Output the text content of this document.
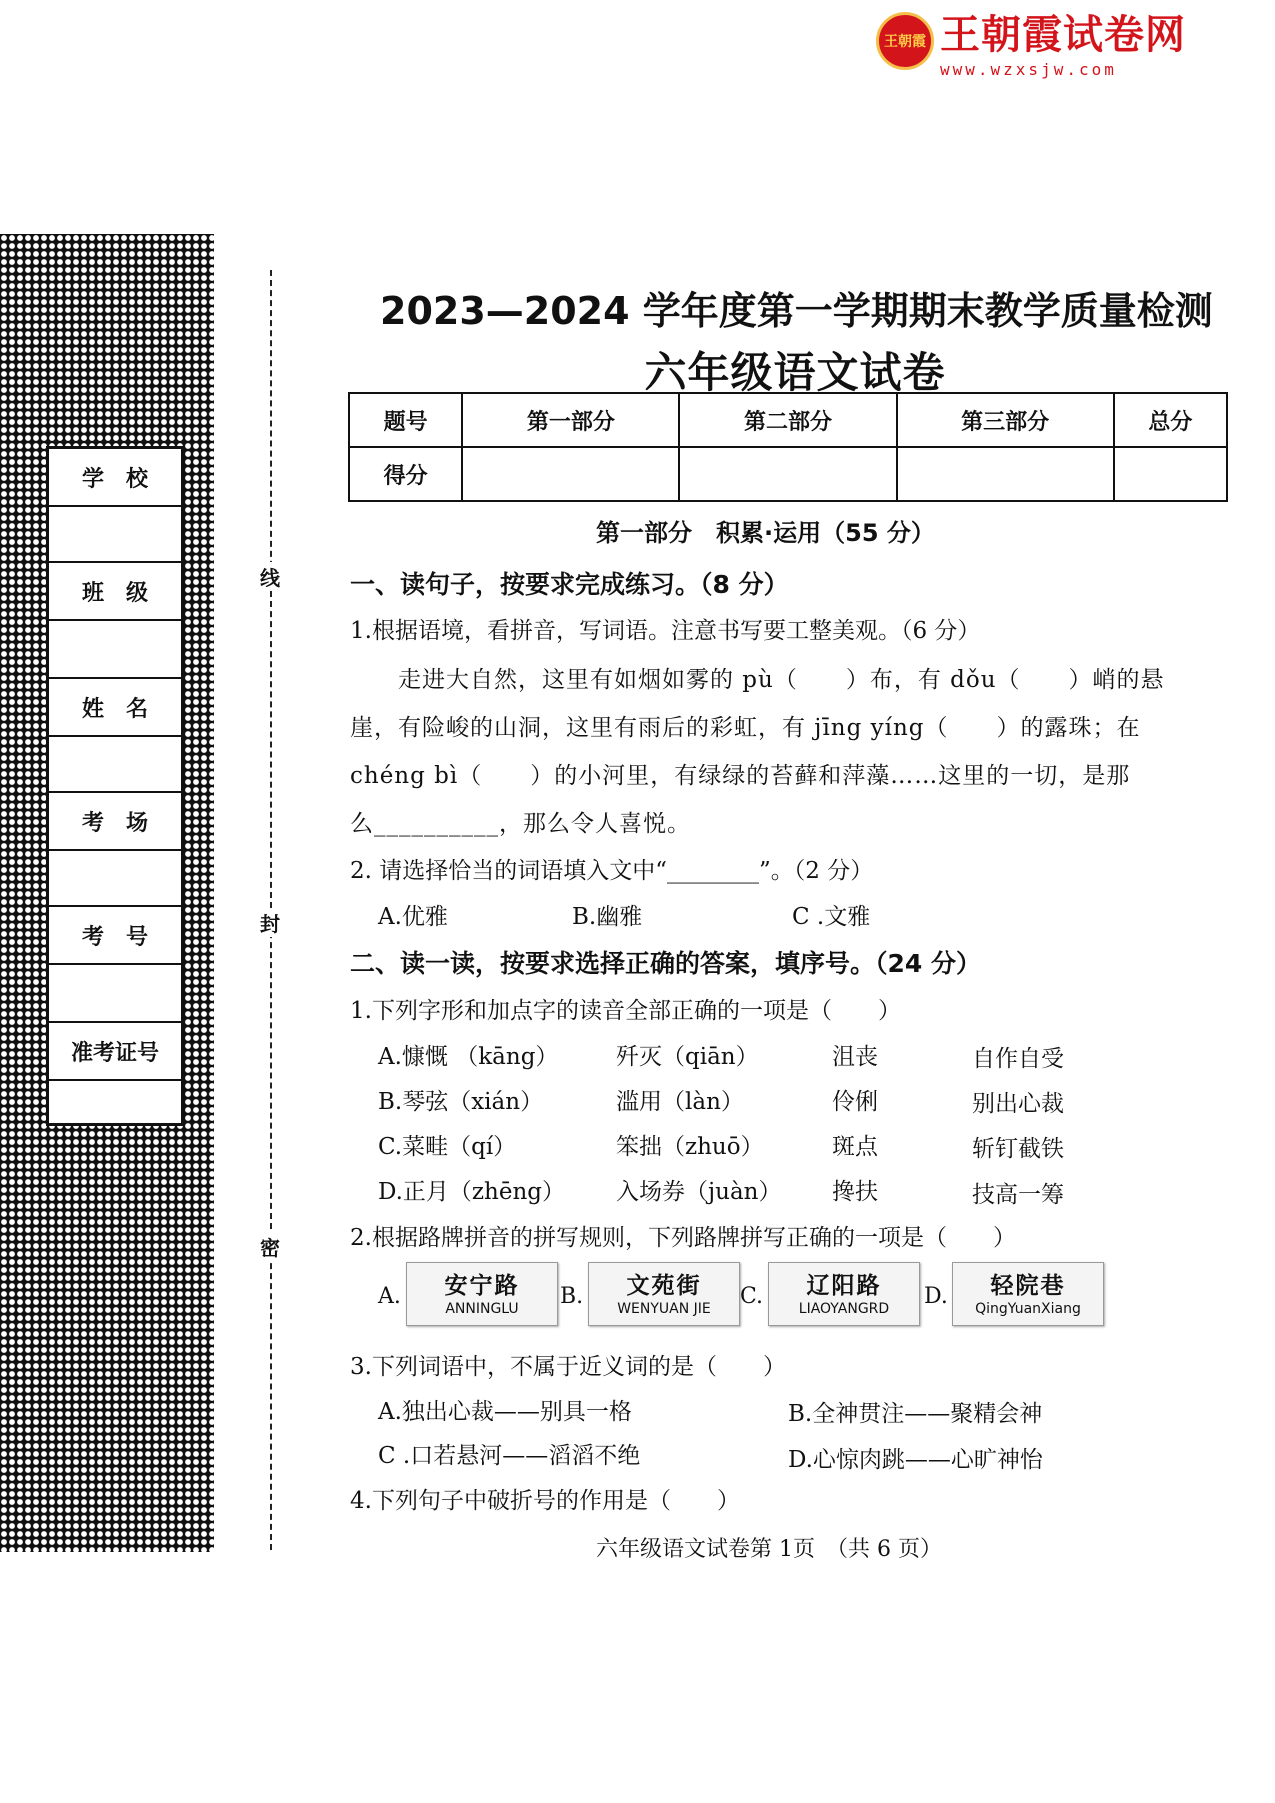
王朝霞 王朝霞试卷网
www.wzxsjw.com
学　校
班　级
姓　名
考　场
考　号
准考证号
线
封
密
2023—2024 学年度第一学期期末教学质量检测
六年级语文试卷
题号	第一部分	第二部分	第三部分	总分
得分				
第一部分　积累·运用（55 分）
一、读句子，按要求完成练习。（8 分）
1.根据语境，看拼音，写词语。注意书写要工整美观。（6 分）
　　走进大自然，这里有如烟如雾的 pù（　　）布，有 dǒu（　　）峭的悬
崖，有险峻的山洞，这里有雨后的彩虹，有 jīng yíng（　　）的露珠；在
chéng bì（　　）的小河里，有绿绿的苔藓和萍藻……这里的一切，是那
么__________，那么令人喜悦。
2. 请选择恰当的词语填入文中“________”。（2 分）
A.优雅	B.幽雅	C .文雅
二、读一读，按要求选择正确的答案，填序号。（24 分）
1.下列字形和加点字的读音全部正确的一项是（　　）
A.慷慨 （kāng）	歼灭（qiān）	沮丧	自作自受
B.琴弦（xián）	滥用（làn）	伶俐	别出心裁
C.菜畦（qí）	笨拙（zhuō）	斑点	斩钉截铁
D.正月（zhēng） 入场券（juàn） 搀扶	技高一筹
2.根据路牌拼音的拼写规则，下列路牌拼写正确的一项是（　　）
A.	安宁路
ANNINGLU	B.	文苑街
WENYUAN JIE	C.	辽阳路
LIAOYANGRD	D.	轻院巷
QingYuanXiang
3.下列词语中，不属于近义词的是（　　）
A.独出心裁——别具一格	B.全神贯注——聚精会神
C .口若悬河——滔滔不绝	D.心惊肉跳——心旷神怡
4.下列句子中破折号的作用是（　　）
六年级语文试卷第 1页　（共 6 页）
